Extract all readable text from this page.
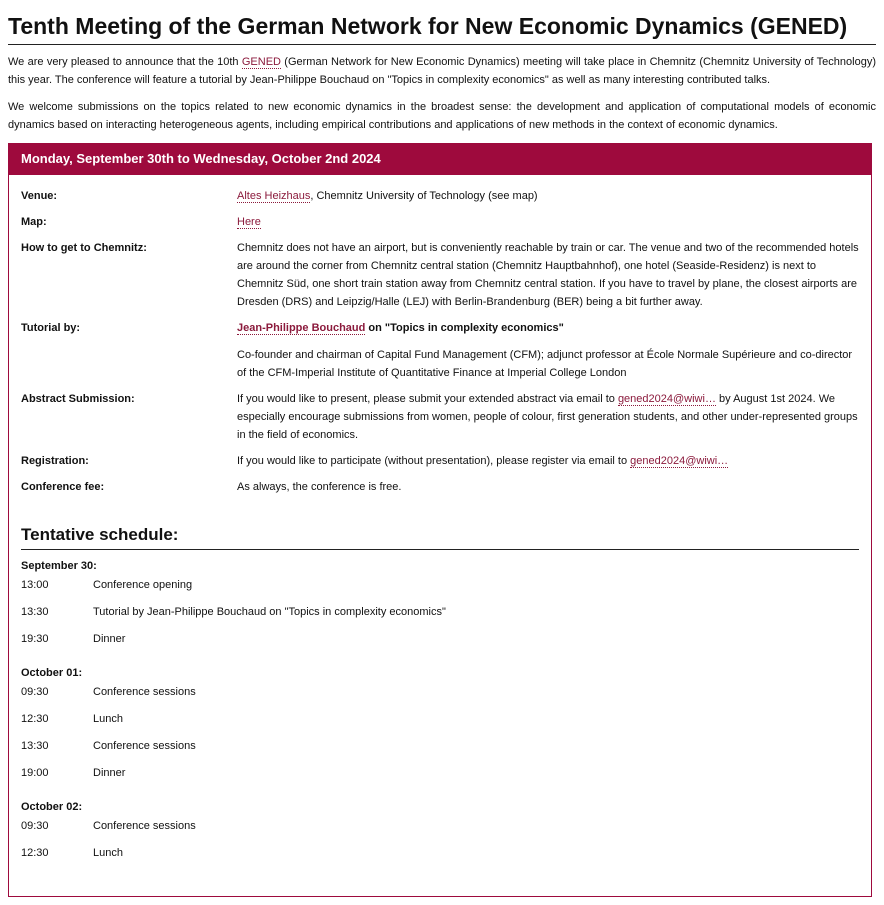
Tenth Meeting of the German Network for New Economic Dynamics (GENED)

We are very pleased to announce that the 10th GENED (German Network for New Economic Dynamics) meeting will take place in Chemnitz (Chemnitz University of Technology) this year. The conference will feature a tutorial by Jean-Philippe Bouchaud on "Topics in complexity economics" as well as many interesting contributed talks.

We welcome submissions on the topics related to new economic dynamics in the broadest sense: the development and application of computational models of economic dynamics based on interacting heterogeneous agents, including empirical contributions and applications of new methods in the context of economic dynamics.

Monday, September 30th to Wednesday, October 2nd 2024
Venue:	Altes Heizhaus, Chemnitz University of Technology (see map)
Map:	Here
How to get to Chemnitz:	Chemnitz does not have an airport, but is conveniently reachable by train or car. The venue and two of the recommended hotels are around the corner from Chemnitz central station (Chemnitz Hauptbahnhof), one hotel (Seaside-Residenz) is next to Chemnitz Süd, one short train station away from Chemnitz central station. If you have to travel by plane, the closest airports are Dresden (DRS) and Leipzig/Halle (LEJ) with Berlin-Brandenburg (BER) being a bit further away.
Tutorial by:	Jean-Philippe Bouchaud on "Topics in complexity economics"
Co-founder and chairman of Capital Fund Management (CFM); adjunct professor at École Normale Supérieure and co-director of the CFM-Imperial Institute of Quantitative Finance at Imperial College London
Abstract Submission:	If you would like to present, please submit your extended abstract via email to gened2024@wiwi… by August 1st 2024. We especially encourage submissions from women, people of colour, first generation students, and other under-represented groups in the field of economics.
Registration:	If you would like to participate (without presentation), please register via email to gened2024@wiwi…
Conference fee:	As always, the conference is free.
Tentative schedule:
September 30:
13:00	Conference opening
13:30	Tutorial by Jean-Philippe Bouchaud on "Topics in complexity economics"
19:30	Dinner
October 01:
09:30	Conference sessions
12:30	Lunch
13:30	Conference sessions
19:00	Dinner
October 02:
09:30	Conference sessions
12:30	Lunch
